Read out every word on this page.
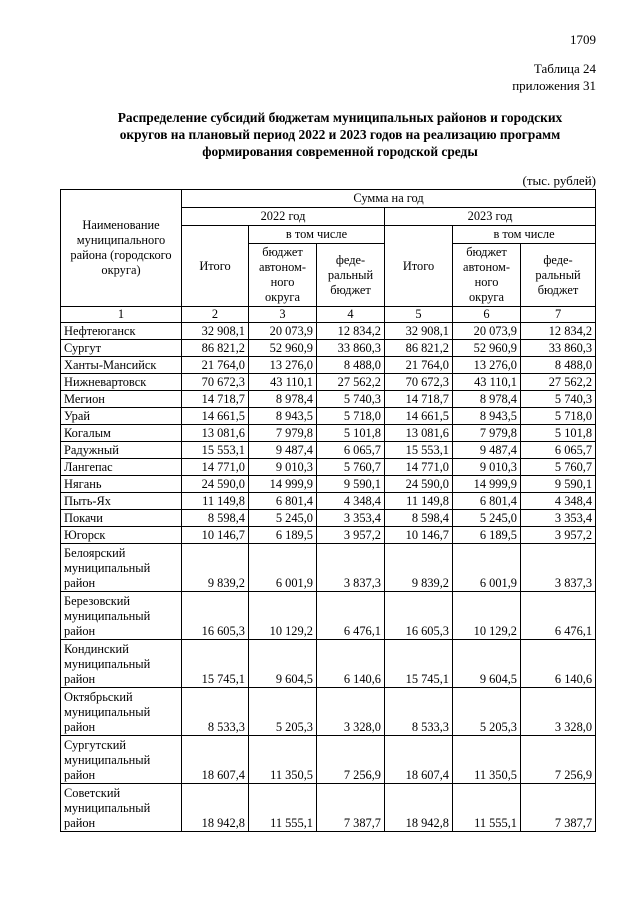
1709
Таблица 24
приложения 31
Распределение субсидий бюджетам муниципальных районов и городских
округов на плановый период 2022 и 2023 годов на реализацию программ
формирования современной городской среды
(тыс. рублей)
Наименование муниципального района (городского округа)	Сумма на год					
	2022 год			2023 год		
	Итого	в том числе		Итого	в том числе	
		бюджет автоном-ного округа	феде-ральный бюджет		бюджет автоном-ного округа	феде-ральный бюджет
1	2	3	4	5	6	7
Нефтеюганск	32 908,1	20 073,9	12 834,2	32 908,1	20 073,9	12 834,2
Сургут	86 821,2	52 960,9	33 860,3	86 821,2	52 960,9	33 860,3
Ханты-Мансийск	21 764,0	13 276,0	8 488,0	21 764,0	13 276,0	8 488,0
Нижневартовск	70 672,3	43 110,1	27 562,2	70 672,3	43 110,1	27 562,2
Мегион	14 718,7	8 978,4	5 740,3	14 718,7	8 978,4	5 740,3
Урай	14 661,5	8 943,5	5 718,0	14 661,5	8 943,5	5 718,0
Когалым	13 081,6	7 979,8	5 101,8	13 081,6	7 979,8	5 101,8
Радужный	15 553,1	9 487,4	6 065,7	15 553,1	9 487,4	6 065,7
Лангепас	14 771,0	9 010,3	5 760,7	14 771,0	9 010,3	5 760,7
Нягань	24 590,0	14 999,9	9 590,1	24 590,0	14 999,9	9 590,1
Пыть-Ях	11 149,8	6 801,4	4 348,4	11 149,8	6 801,4	4 348,4
Покачи	8 598,4	5 245,0	3 353,4	8 598,4	5 245,0	3 353,4
Югорск	10 146,7	6 189,5	3 957,2	10 146,7	6 189,5	3 957,2
Белоярский муниципальный район	9 839,2	6 001,9	3 837,3	9 839,2	6 001,9	3 837,3
Березовский муниципальный район	16 605,3	10 129,2	6 476,1	16 605,3	10 129,2	6 476,1
Кондинский муниципальный район	15 745,1	9 604,5	6 140,6	15 745,1	9 604,5	6 140,6
Октябрьский муниципальный район	8 533,3	5 205,3	3 328,0	8 533,3	5 205,3	3 328,0
Сургутский муниципальный район	18 607,4	11 350,5	7 256,9	18 607,4	11 350,5	7 256,9
Советский муниципальный район	18 942,8	11 555,1	7 387,7	18 942,8	11 555,1	7 387,7
